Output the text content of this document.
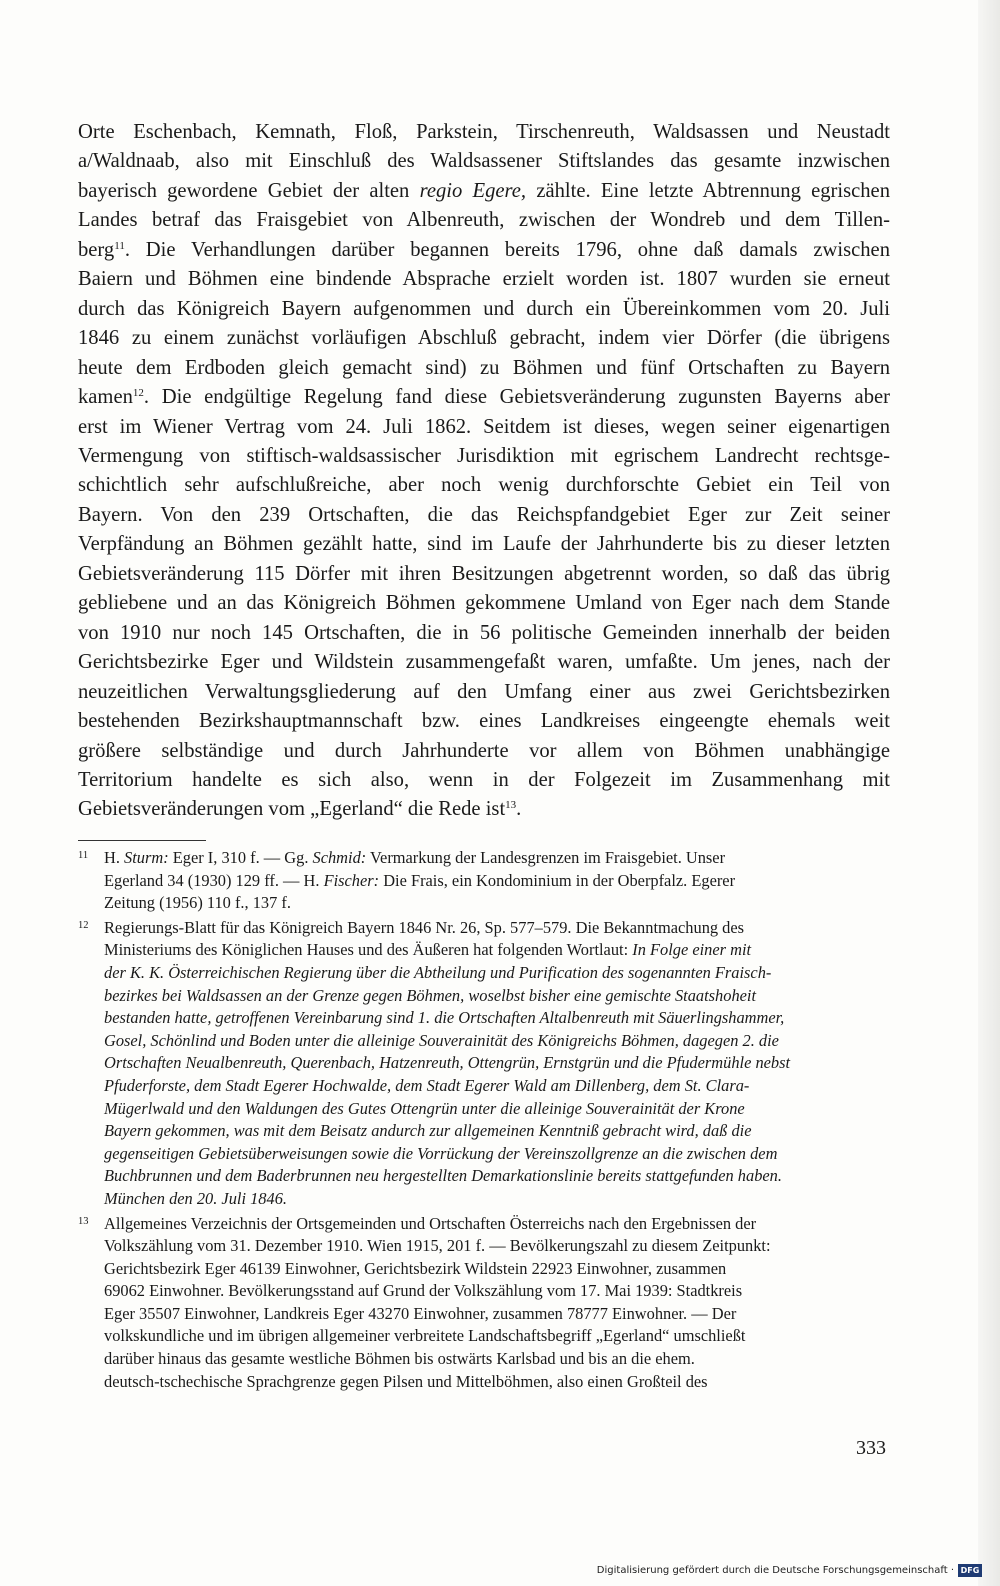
Orte Eschenbach, Kemnath, Floß, Parkstein, Tirschenreuth, Waldsassen und Neustadt
a/Waldnaab, also mit Einschluß des Waldsassener Stiftslandes das gesamte inzwischen
bayerisch gewordene Gebiet der alten regio Egere, zählte. Eine letzte Abtrennung egrischen
Landes betraf das Fraisgebiet von Albenreuth, zwischen der Wondreb und dem Tillen-
berg$^{11}$. Die Verhandlungen darüber begannen bereits 1796, ohne daß damals zwischen
Baiern und Böhmen eine bindende Absprache erzielt worden ist. 1807 wurden sie erneut
durch das Königreich Bayern aufgenommen und durch ein Übereinkommen vom 20. Juli
1846 zu einem zunächst vorläufigen Abschluß gebracht, indem vier Dörfer (die übrigens
heute dem Erdboden gleich gemacht sind) zu Böhmen und fünf Ortschaften zu Bayern
kamen$^{12}$. Die endgültige Regelung fand diese Gebietsveränderung zugunsten Bayerns aber
erst im Wiener Vertrag vom 24. Juli 1862. Seitdem ist dieses, wegen seiner eigenartigen
Vermengung von stiftisch-waldsassischer Jurisdiktion mit egrischem Landrecht rechtsge-
schichtlich sehr aufschlußreiche, aber noch wenig durchforschte Gebiet ein Teil von
Bayern. Von den 239 Ortschaften, die das Reichspfandgebiet Eger zur Zeit seiner
Verpfändung an Böhmen gezählt hatte, sind im Laufe der Jahrhunderte bis zu dieser letzten
Gebietsveränderung 115 Dörfer mit ihren Besitzungen abgetrennt worden, so daß das übrig
gebliebene und an das Königreich Böhmen gekommene Umland von Eger nach dem Stande
von 1910 nur noch 145 Ortschaften, die in 56 politische Gemeinden innerhalb der beiden
Gerichtsbezirke Eger und Wildstein zusammengefaßt waren, umfaßte. Um jenes, nach der
neuzeitlichen Verwaltungsgliederung auf den Umfang einer aus zwei Gerichtsbezirken
bestehenden Bezirkshauptmannschaft bzw. eines Landkreises eingeengte ehemals weit
größere selbständige und durch Jahrhunderte vor allem von Böhmen unabhängige
Territorium handelte es sich also, wenn in der Folgezeit im Zusammenhang mit
Gebietsveränderungen vom „Egerland“ die Rede ist$^{13}$.
11 H. Sturm: Eger I, 310 f. — Gg. Schmid: Vermarkung der Landesgrenzen im Fraisgebiet. Unser
Egerland 34 (1930) 129 ff. — H. Fischer: Die Frais, ein Kondominium in der Oberpfalz. Egerer
Zeitung (1956) 110 f., 137 f.
12 Regierungs-Blatt für das Königreich Bayern 1846 Nr. 26, Sp. 577–579. Die Bekanntmachung des
Ministeriums des Königlichen Hauses und des Äußeren hat folgenden Wortlaut: In Folge einer mit
der K. K. Österreichischen Regierung über die Abtheilung und Purification des sogenannten Fraisch-
bezirkes bei Waldsassen an der Grenze gegen Böhmen, woselbst bisher eine gemischte Staatshoheit
bestanden hatte, getroffenen Vereinbarung sind 1. die Ortschaften Altalbenreuth mit Säuerlingshammer,
Gosel, Schönlind und Boden unter die alleinige Souverainität des Königreichs Böhmen, dagegen 2. die
Ortschaften Neualbenreuth, Querenbach, Hatzenreuth, Ottengrün, Ernstgrün und die Pfudermühle nebst
Pfuderforste, dem Stadt Egerer Hochwalde, dem Stadt Egerer Wald am Dillenberg, dem St. Clara-
Mügerlwald und den Waldungen des Gutes Ottengrün unter die alleinige Souverainität der Krone
Bayern gekommen, was mit dem Beisatz andurch zur allgemeinen Kenntniß gebracht wird, daß die
gegenseitigen Gebietsüberweisungen sowie die Vorrückung der Vereinszollgrenze an die zwischen dem
Buchbrunnen und dem Baderbrunnen neu hergestellten Demarkationslinie bereits stattgefunden haben.
München den 20. Juli 1846.
13 Allgemeines Verzeichnis der Ortsgemeinden und Ortschaften Österreichs nach den Ergebnissen der
Volkszählung vom 31. Dezember 1910. Wien 1915, 201 f. — Bevölkerungszahl zu diesem Zeitpunkt:
Gerichtsbezirk Eger 46139 Einwohner, Gerichtsbezirk Wildstein 22923 Einwohner, zusammen
69062 Einwohner. Bevölkerungsstand auf Grund der Volkszählung vom 17. Mai 1939: Stadtkreis
Eger 35507 Einwohner, Landkreis Eger 43270 Einwohner, zusammen 78777 Einwohner. — Der
volkskundliche und im übrigen allgemeiner verbreitete Landschaftsbegriff „Egerland“ umschließt
darüber hinaus das gesamte westliche Böhmen bis ostwärts Karlsbad und bis an die ehem.
deutsch-tschechische Sprachgrenze gegen Pilsen und Mittelböhmen, also einen Großteil des
333
Digitalisierung gefördert durch die Deutsche Forschungsgemeinschaft · DFG
